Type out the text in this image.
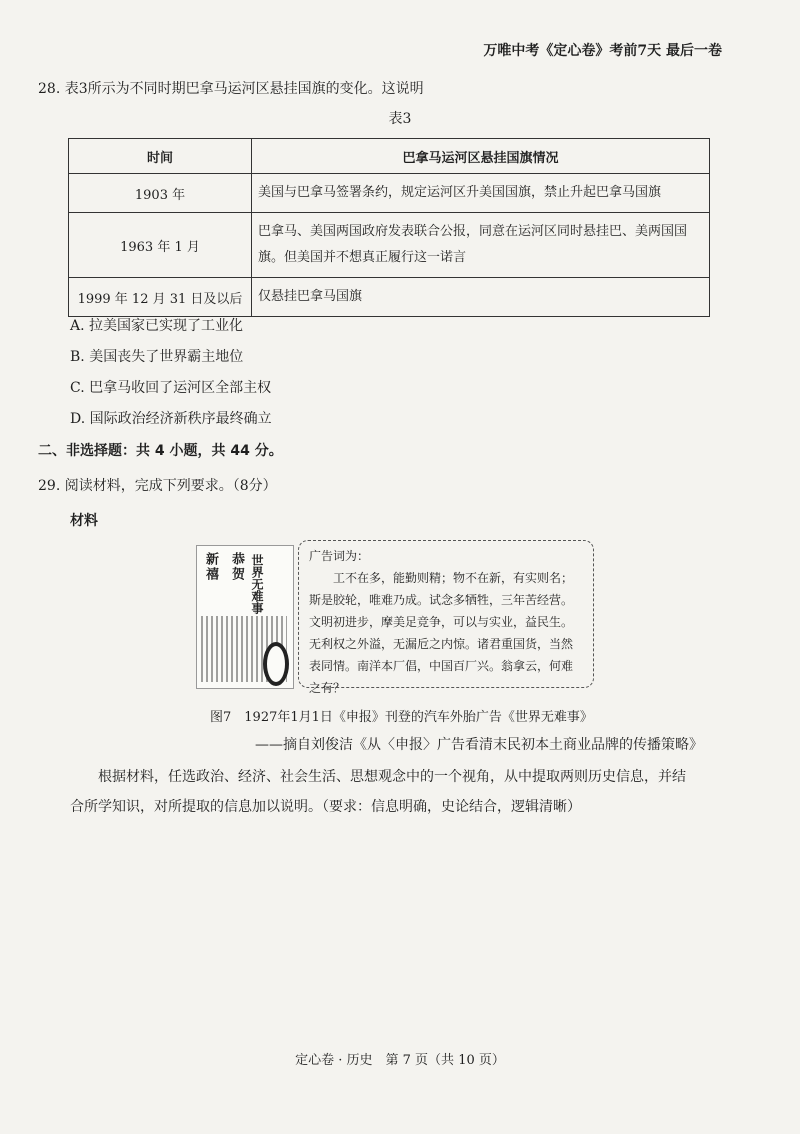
万唯中考《定心卷》考前7天 最后一卷
28. 表3所示为不同时期巴拿马运河区悬挂国旗的变化。这说明
表3
时间	巴拿马运河区悬挂国旗情况
1903 年	美国与巴拿马签署条约，规定运河区升美国国旗，禁止升起巴拿马国旗
1963 年 1 月	巴拿马、美国两国政府发表联合公报，同意在运河区同时悬挂巴、美两国国旗。但美国并不想真正履行这一诺言
1999 年 12 月 31 日及以后	仅悬挂巴拿马国旗
A. 拉美国家已实现了工业化
B. 美国丧失了世界霸主地位
C. 巴拿马收回了运河区全部主权
D. 国际政治经济新秩序最终确立
二、非选择题：共 4 小题，共 44 分。
29. 阅读材料，完成下列要求。（8分）
材料
新禧 恭贺 世界无难事	广告词为：
工不在多，能勤则精；物不在新，有实则名；斯是胶轮，唯难乃成。试念多牺牲，三年苦经营。文明初进步，摩美足竞争，可以与实业，益民生。无利权之外溢，无漏卮之内惊。诸君重国货，当然表同情。南洋本厂倡，中国百厂兴。翁拿云，何难之有？
图7　1927年1月1日《申报》刊登的汽车外胎广告《世界无难事》
——摘自刘俊洁《从〈申报〉广告看清末民初本土商业品牌的传播策略》
根据材料，任选政治、经济、社会生活、思想观念中的一个视角，从中提取两则历史信息，并结
合所学知识，对所提取的信息加以说明。（要求：信息明确，史论结合，逻辑清晰）
定心卷 · 历史　第 7 页（共 10 页）
